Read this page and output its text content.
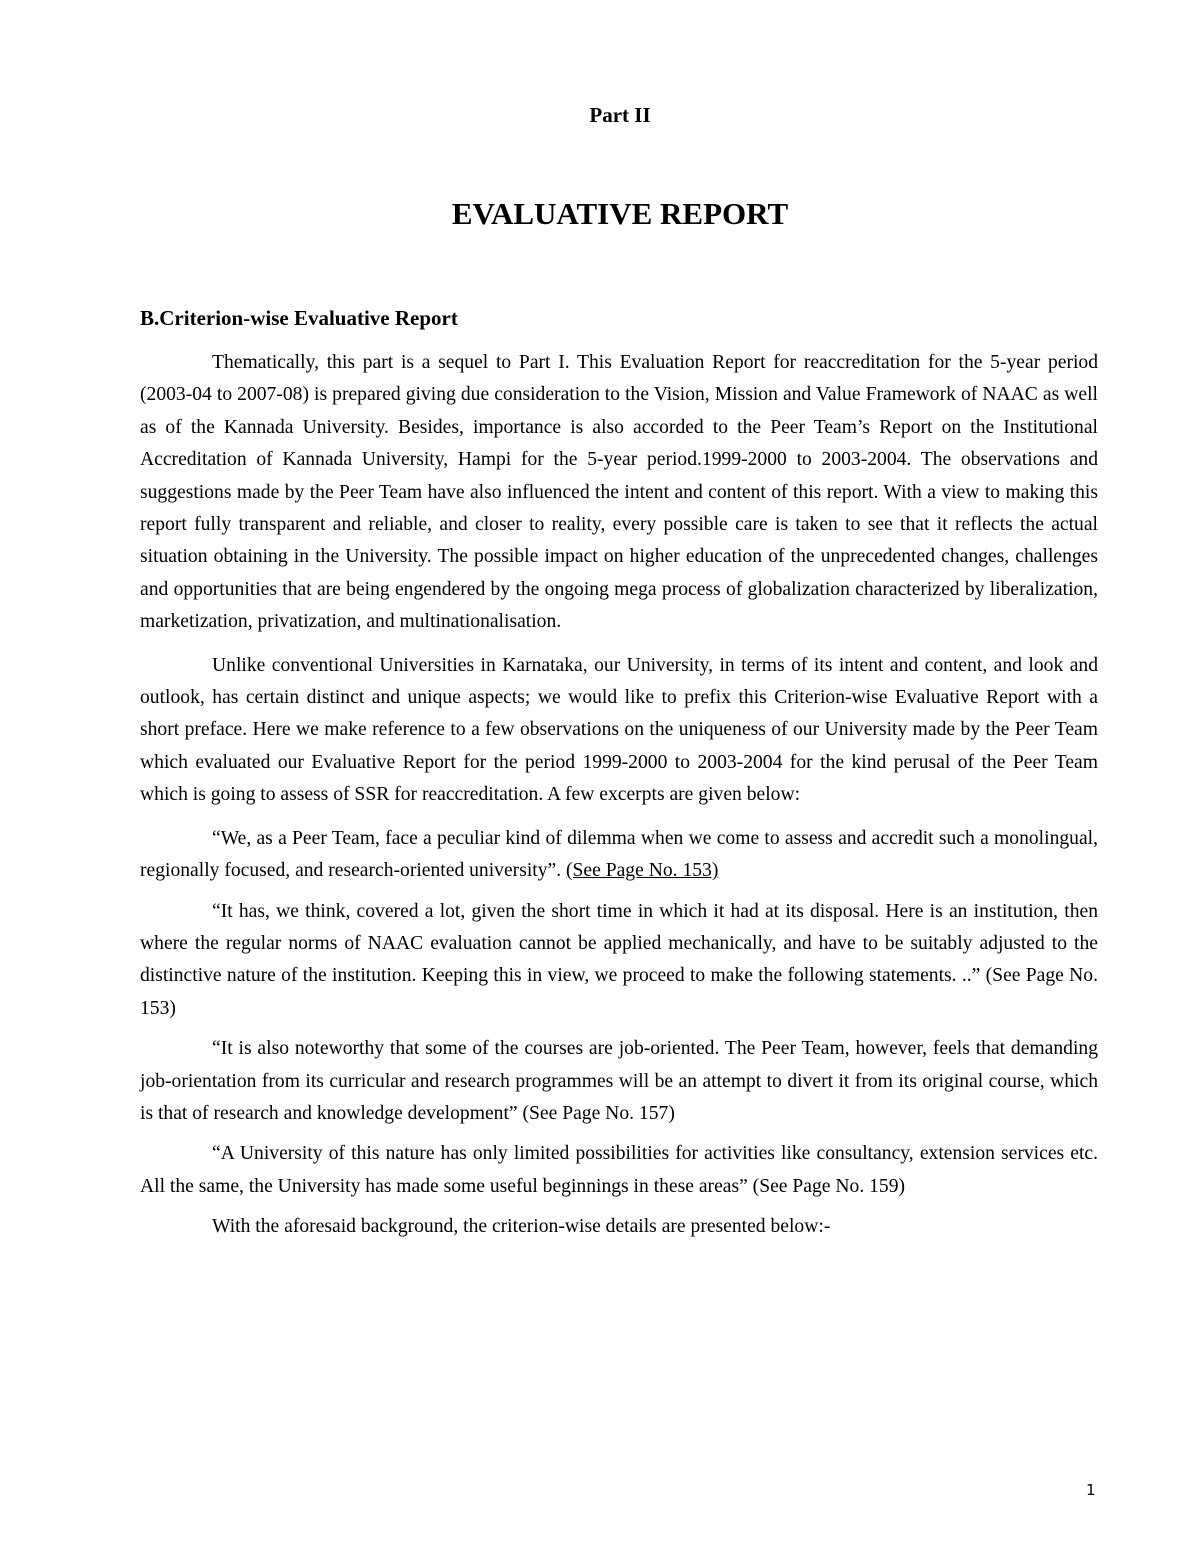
Part II
EVALUATIVE REPORT
B.Criterion-wise Evaluative Report

Thematically, this part is a sequel to Part I. This Evaluation Report for reaccreditation for the 5-year period (2003-04 to 2007-08) is prepared giving due consideration to the Vision, Mission and Value Framework of NAAC as well as of the Kannada University. Besides, importance is also accorded to the Peer Team’s Report on the Institutional Accreditation of Kannada University, Hampi for the 5-year period.1999-2000 to 2003-2004. The observations and suggestions made by the Peer Team have also influenced the intent and content of this report. With a view to making this report fully transparent and reliable, and closer to reality, every possible care is taken to see that it reflects the actual situation obtaining in the University. The possible impact on higher education of the unprecedented changes, challenges and opportunities that are being engendered by the ongoing mega process of globalization characterized by liberalization, marketization, privatization, and multinationalisation.

Unlike conventional Universities in Karnataka, our University, in terms of its intent and content, and look and outlook, has certain distinct and unique aspects; we would like to prefix this Criterion-wise Evaluative Report with a short preface. Here we make reference to a few observations on the uniqueness of our University made by the Peer Team which evaluated our Evaluative Report for the period 1999-2000 to 2003-2004 for the kind perusal of the Peer Team which is going to assess of SSR for reaccreditation. A few excerpts are given below:

“We, as a Peer Team, face a peculiar kind of dilemma when we come to assess and accredit such a monolingual, regionally focused, and research-oriented university”. (See Page No. 153)

“It has, we think, covered a lot, given the short time in which it had at its disposal. Here is an institution, then where the regular norms of NAAC evaluation cannot be applied mechanically, and have to be suitably adjusted to the distinctive nature of the institution. Keeping this in view, we proceed to make the following statements. ..” (See Page No. 153)

“It is also noteworthy that some of the courses are job-oriented. The Peer Team, however, feels that demanding job-orientation from its curricular and research programmes will be an attempt to divert it from its original course, which is that of research and knowledge development” (See Page No. 157)

“A University of this nature has only limited possibilities for activities like consultancy, extension services etc. All the same, the University has made some useful beginnings in these areas” (See Page No. 159)

With the aforesaid background, the criterion-wise details are presented below:-

1
